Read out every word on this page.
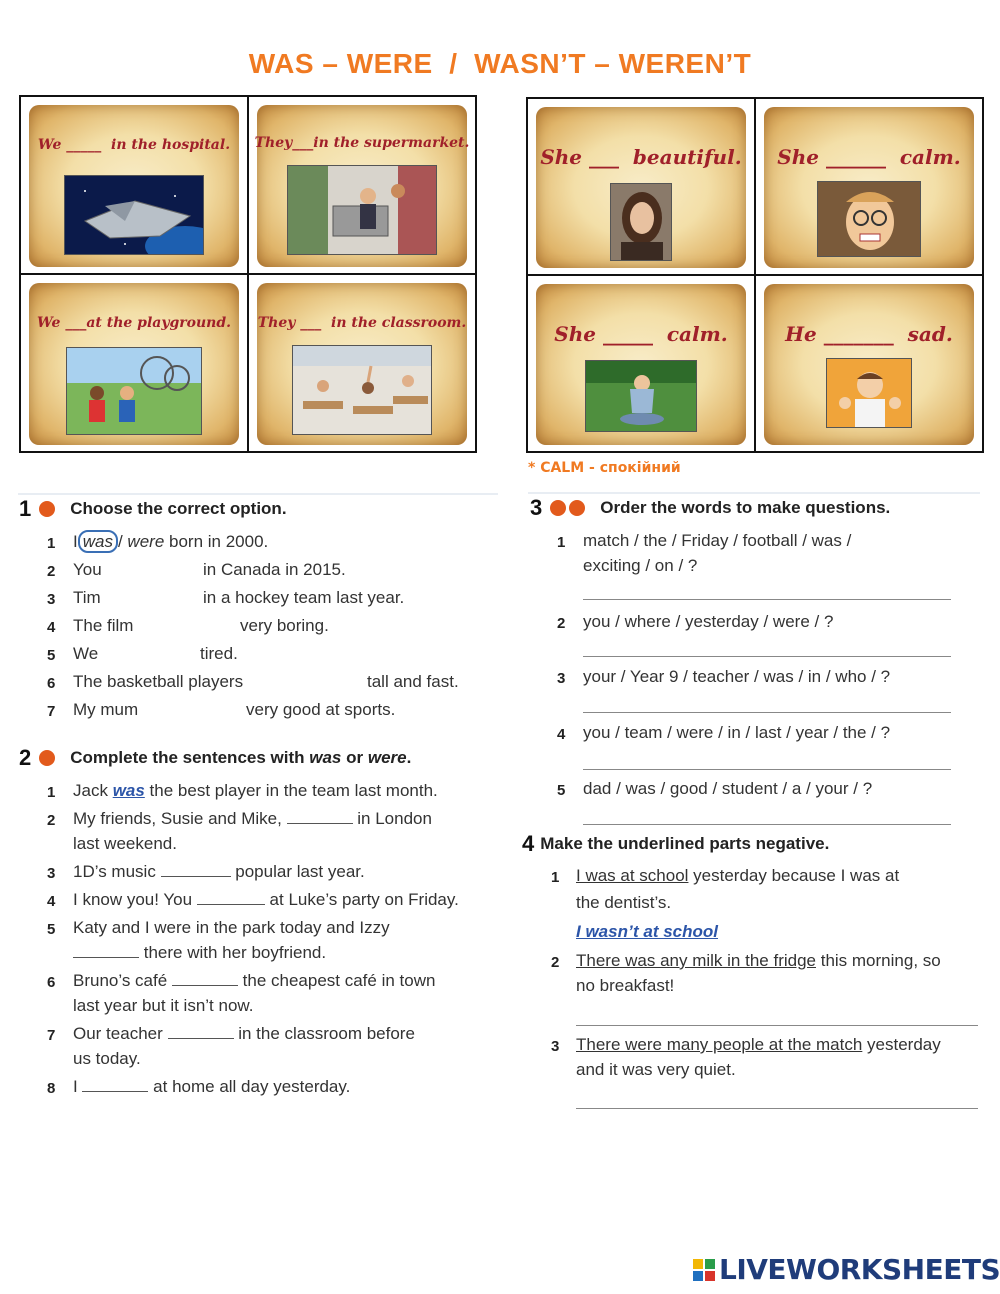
WAS – WERE  /  WASN’T – WEREN’T
We _____  in the hospital.	They___in the supermarket.
We ___at the playground.	They ___  in the classroom.
She ___  beautiful.	She ______  calm.
She _____  calm.	He _______  sad.
* CALM - спокійний
1 Choose the correct option.
1 I was / were born in 2000.
2 You	in Canada in 2015.
3 Tim	in a hockey team last year.
4 The film	very boring.
5 We	tired.
6 The basketball players	tall and fast.
7 My mum	very good at sports.
2 Complete the sentences with was or were.
1 Jack was the best player in the team last month.
2 My friends, Susie and Mike,	in London
last weekend.
3 1D’s music	popular last year.
4 I know you! You	at Luke’s party on Friday.
5 Katy and I were in the park today and Izzy
there with her boyfriend.
6 Bruno’s café	the cheapest café in town
last year but it isn’t now.
7 Our teacher	in the classroom before
us today.
8 I	at home all day yesterday.
3	Order the words to make questions.
1 match / the / Friday / football / was /
exciting / on / ?
2 you / where / yesterday / were / ?
3 your / Year 9 / teacher / was / in / who / ?
4 you / team / were / in / last / year / the / ?
5 dad / was / good / student / a / your / ?
4 Make the underlined parts negative.
1 I was at school yesterday because I was at
the dentist’s.
I wasn’t at school
2 There was any milk in the fridge this morning, so
no breakfast!
3 There were many people at the match yesterday
and it was very quiet.
LIVEWORKSHEETS
